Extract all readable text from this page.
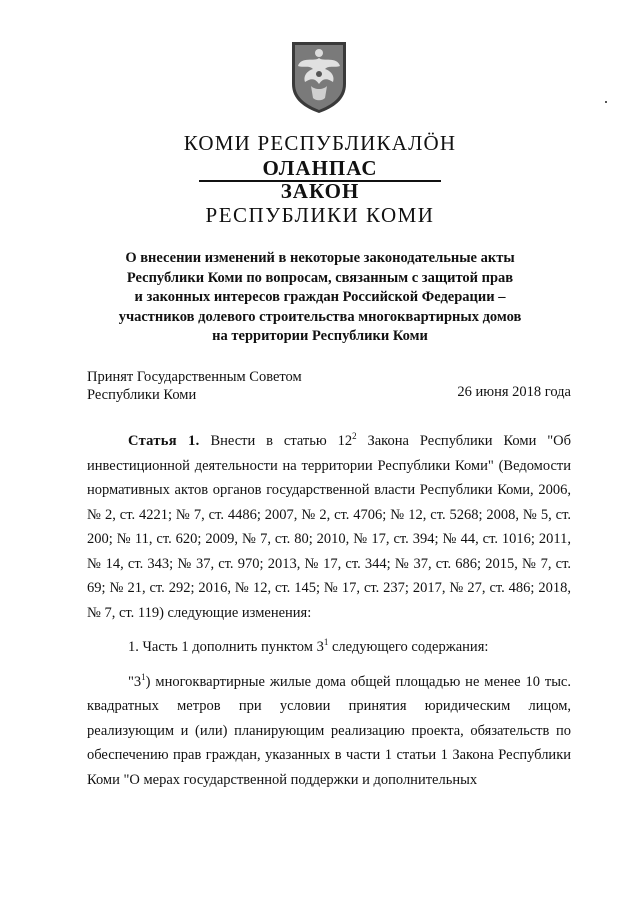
КОМИ РЕСПУБЛИКАЛÖН

ОЛАНПАС

ЗАКОН

РЕСПУБЛИКИ КОМИ

О внесении изменений в некоторые законодательные акты
Республики Коми по вопросам, связанным с защитой прав
и законных интересов граждан Российской Федерации –
участников долевого строительства многоквартирных домов
на территории Республики Коми
Принят Государственным Советом
Республики Коми	26 июня 2018 года

Статья 1. Внести в статью $12^2$ Закона Республики Коми "Об инвестиционной деятельности на территории Республики Коми" (Ведомости нормативных актов органов государственной власти Республики Коми, 2006, № 2, ст. 4221; № 7, ст. 4486; 2007, № 2, ст. 4706; № 12, ст. 5268; 2008, № 5, ст. 200; № 11, ст. 620; 2009, № 7, ст. 80; 2010, № 17, ст. 394; № 44, ст. 1016; 2011, № 14, ст. 343; № 37, ст. 970; 2013, № 17, ст. 344; № 37, ст. 686; 2015, № 7, ст. 69; № 21, ст. 292; 2016, № 12, ст. 145; № 17, ст. 237; 2017, № 27, ст. 486; 2018, № 7, ст. 119) следующие изменения:

1. Часть 1 дополнить пунктом $3^1$ следующего содержания:

"$3^1$) многоквартирные жилые дома общей площадью не менее 10 тыс. квадратных метров при условии принятия юридическим лицом, реализующим и (или) планирующим реализацию проекта, обязательств по обеспечению прав граждан, указанных в части 1 статьи 1 Закона Республики Коми "О мерах государственной поддержки и дополнительных
